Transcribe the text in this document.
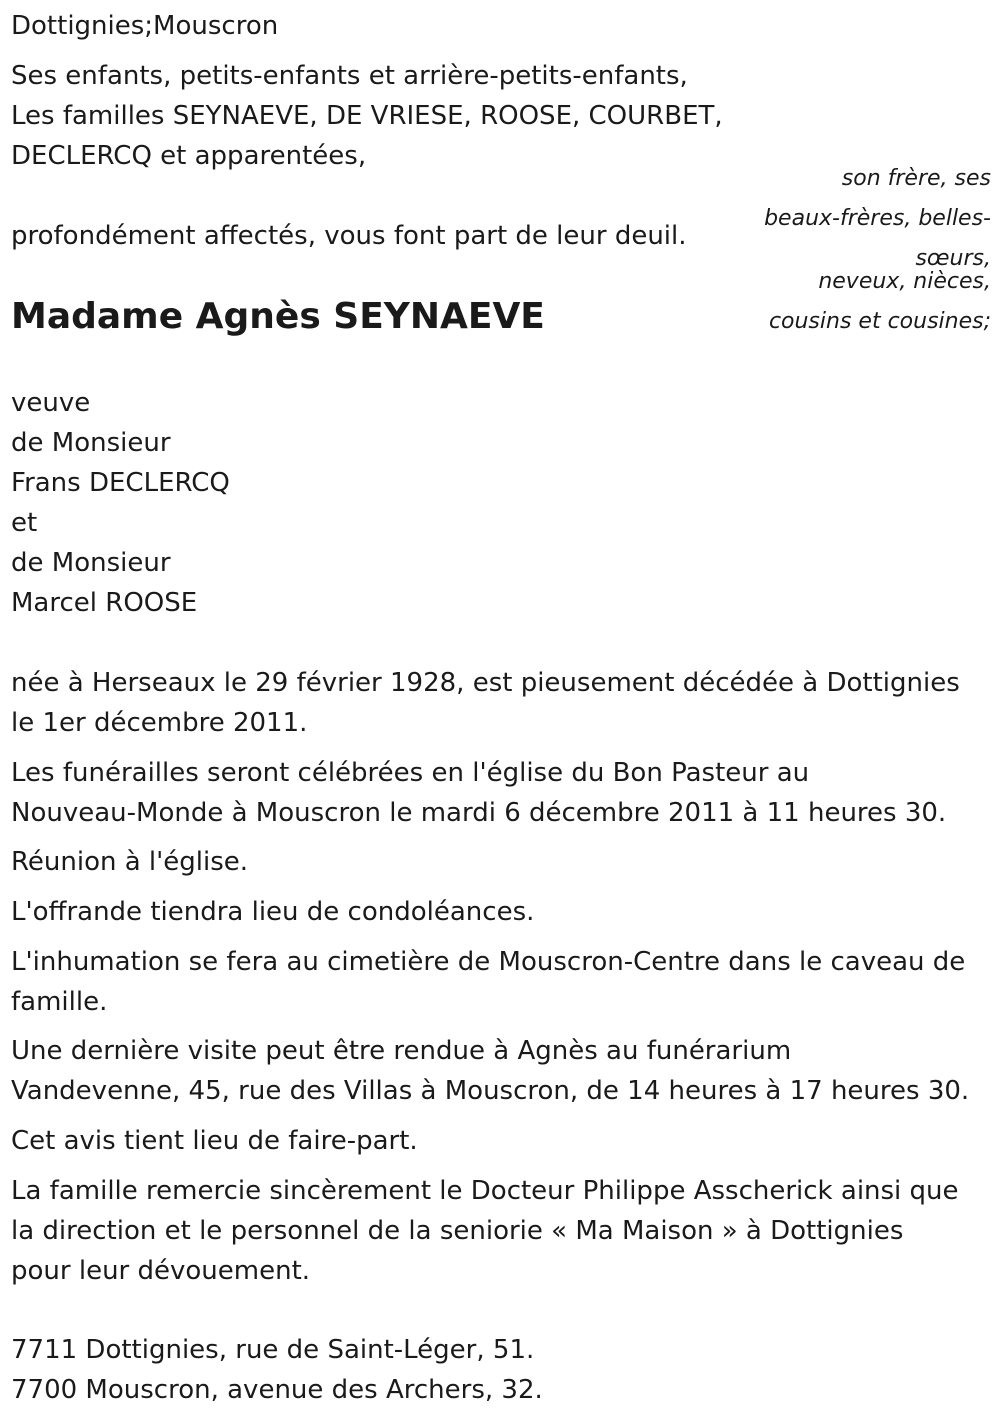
Dottignies;Mouscron
Ses enfants, petits-enfants et arrière-petits-enfants,
Les familles SEYNAEVE, DE VRIESE, ROOSE, COURBET,
DECLERCQ et apparentées,
son frère, ses
beaux-frères, belles-
sœurs,
neveux, nièces,
cousins et cousines;
profondément affectés, vous font part de leur deuil.
Madame Agnès SEYNAEVE
veuve
de Monsieur
Frans DECLERCQ
et
de Monsieur
Marcel ROOSE
née à Herseaux le 29 février 1928, est pieusement décédée à Dottignies
le 1er décembre 2011.
Les funérailles seront célébrées en l'église du Bon Pasteur au
Nouveau-Monde à Mouscron le mardi 6 décembre 2011 à 11 heures 30.
Réunion à l'église.
L'offrande tiendra lieu de condoléances.
L'inhumation se fera au cimetière de Mouscron-Centre dans le caveau de
famille.
Une dernière visite peut être rendue à Agnès au funérarium
Vandevenne, 45, rue des Villas à Mouscron, de 14 heures à 17 heures 30.
Cet avis tient lieu de faire-part.
La famille remercie sincèrement le Docteur Philippe Asscherick ainsi que
la direction et le personnel de la seniorie « Ma Maison » à Dottignies
pour leur dévouement.
7711 Dottignies, rue de Saint-Léger, 51.
7700 Mouscron, avenue des Archers, 32.
